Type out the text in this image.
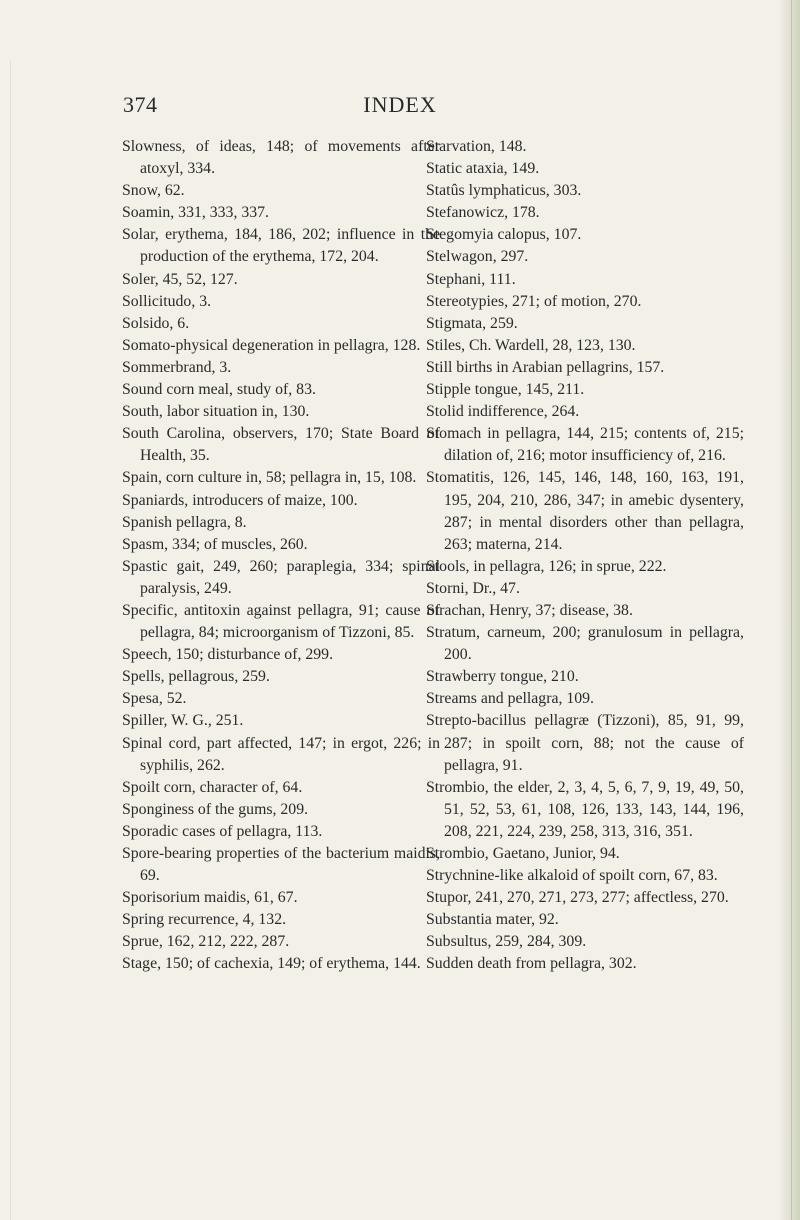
374	INDEX

Slowness, of ideas, 148; of movements after atoxyl, 334.

Snow, 62.

Soamin, 331, 333, 337.

Solar, erythema, 184, 186, 202; influence in the production of the erythema, 172, 204.

Soler, 45, 52, 127.

Sollicitudo, 3.

Solsido, 6.

Somato-physical degeneration in pellagra, 128.

Sommerbrand, 3.

Sound corn meal, study of, 83.

South, labor situation in, 130.

South Carolina, observers, 170; State Board of Health, 35.

Spain, corn culture in, 58; pellagra in, 15, 108.

Spaniards, introducers of maize, 100.

Spanish pellagra, 8.

Spasm, 334; of muscles, 260.

Spastic gait, 249, 260; paraplegia, 334; spinal paralysis, 249.

Specific, antitoxin against pellagra, 91; cause of pellagra, 84; microorganism of Tizzoni, 85.

Speech, 150; disturbance of, 299.

Spells, pellagrous, 259.

Spesa, 52.

Spiller, W. G., 251.

Spinal cord, part affected, 147; in ergot, 226; in syphilis, 262.

Spoilt corn, character of, 64.

Sponginess of the gums, 209.

Sporadic cases of pellagra, 113.

Spore-bearing properties of the bacterium maidis, 69.

Sporisorium maidis, 61, 67.

Spring recurrence, 4, 132.

Sprue, 162, 212, 222, 287.

Stage, 150; of cachexia, 149; of erythema, 144.

Starvation, 148.

Static ataxia, 149.

Statûs lymphaticus, 303.

Stefanowicz, 178.

Stegomyia calopus, 107.

Stelwagon, 297.

Stephani, 111.

Stereotypies, 271; of motion, 270.

Stigmata, 259.

Stiles, Ch. Wardell, 28, 123, 130.

Still births in Arabian pellagrins, 157.

Stipple tongue, 145, 211.

Stolid indifference, 264.

Stomach in pellagra, 144, 215; contents of, 215; dilation of, 216; motor insufficiency of, 216.

Stomatitis, 126, 145, 146, 148, 160, 163, 191, 195, 204, 210, 286, 347; in amebic dysentery, 287; in mental disorders other than pellagra, 263; materna, 214.

Stools, in pellagra, 126; in sprue, 222.

Storni, Dr., 47.

Strachan, Henry, 37; disease, 38.

Stratum, carneum, 200; granulosum in pellagra, 200.

Strawberry tongue, 210.

Streams and pellagra, 109.

Strepto-bacillus pellagræ (Tizzoni), 85, 91, 99, 287; in spoilt corn, 88; not the cause of pellagra, 91.

Strombio, the elder, 2, 3, 4, 5, 6, 7, 9, 19, 49, 50, 51, 52, 53, 61, 108, 126, 133, 143, 144, 196, 208, 221, 224, 239, 258, 313, 316, 351.

Strombio, Gaetano, Junior, 94.

Strychnine-like alkaloid of spoilt corn, 67, 83.

Stupor, 241, 270, 271, 273, 277; affectless, 270.

Substantia mater, 92.

Subsultus, 259, 284, 309.

Sudden death from pellagra, 302.
